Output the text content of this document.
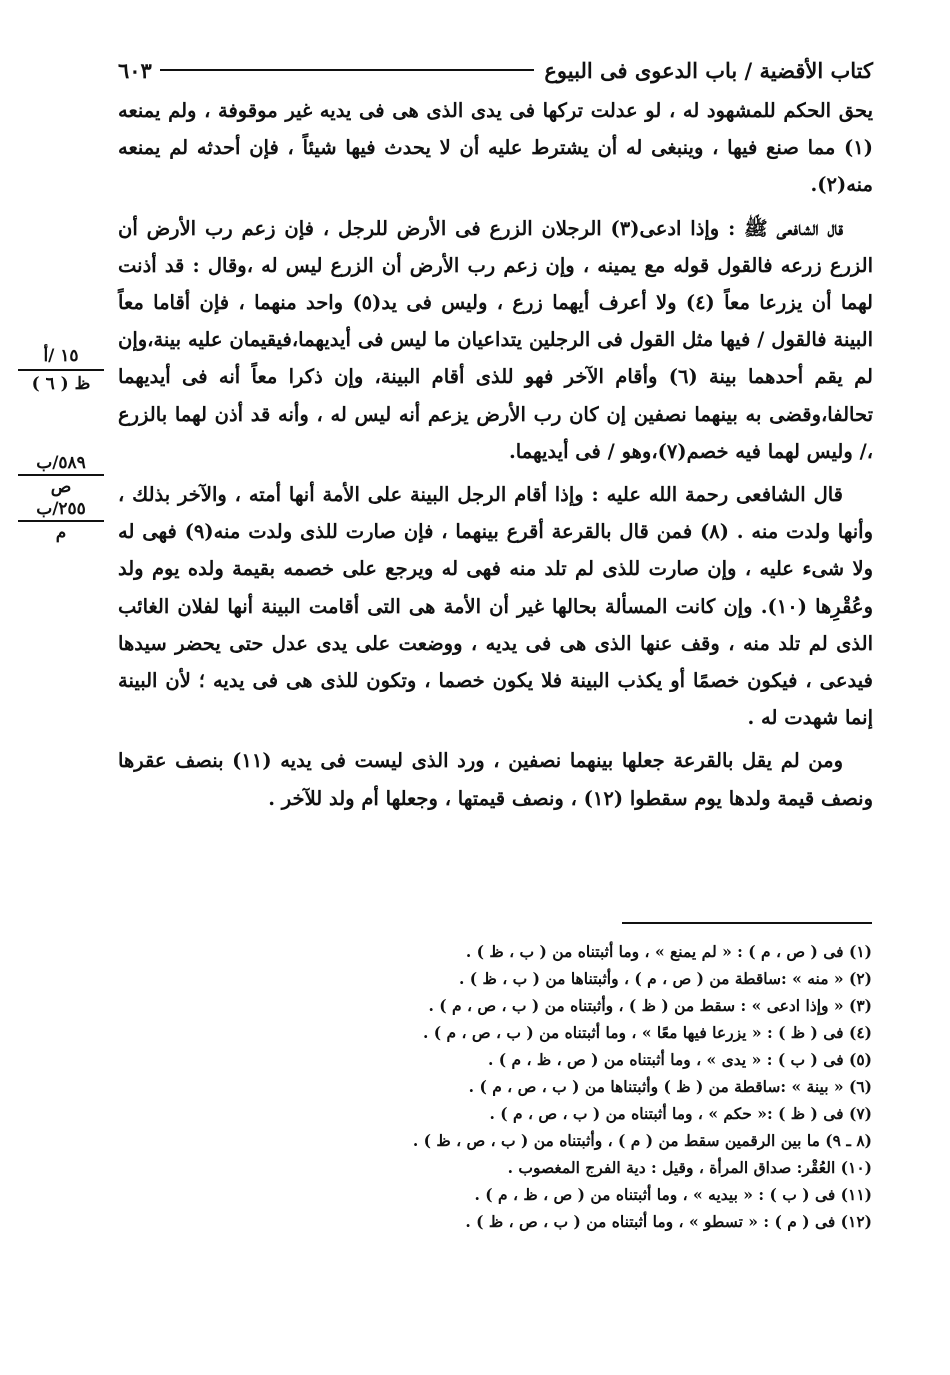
كتاب الأقضية / باب الدعوى فى البيوع
٦٠٣

يحق الحكم للمشهود له ، لو عدلت تركها فى يدى الذى هى فى يديه غير موقوفة ، ولم يمنعه (١) مما صنع فيها ، وينبغى له أن يشترط عليه أن لا يحدث فيها شيئاً ، فإن أحدثه لم يمنعه منه(٢).

قال الشافعى ﷺ : وإذا ادعى(٣) الرجلان الزرع فى الأرض للرجل ، فإن زعم رب الأرض أن الزرع زرعه فالقول قوله مع يمينه ، وإن زعم رب الأرض أن الزرع ليس له ،وقال : قد أذنت لهما أن يزرعا معاً (٤) ولا أعرف أيهما زرع ، وليس فى يد(٥) واحد منهما ، فإن أقاما معاً البينة فالقول / فيها مثل القول فى الرجلين يتداعيان ما ليس فى أيديهما،فيقيمان عليه بينة،وإن لم يقم أحدهما بينة (٦) وأقام الآخر فهو للذى أقام البينة، وإن ذكرا معاً أنه فى أيديهما تحالفا،وقضى به بينهما نصفين إن كان رب الأرض يزعم أنه ليس له ، وأنه قد أذن لهما بالزرع ،/ وليس لهما فيه خصم(٧)،وهو / فى أيديهما.

قال الشافعى رحمة الله عليه : وإذا أقام الرجل البينة على الأمة أنها أمته ، والآخر بذلك ، وأنها ولدت منه . (٨) فمن قال بالقرعة أقرع بينهما ، فإن صارت للذى ولدت منه(٩) فهى له ولا شىء عليه ، وإن صارت للذى لم تلد منه فهى له ويرجع على خصمه بقيمة ولده يوم ولد وعُقْرِها (١٠). وإن كانت المسألة بحالها غير أن الأمة هى التى أقامت البينة أنها لفلان الغائب الذى لم تلد منه ، وقف عنها الذى هى فى يديه ، ووضعت على يدى عدل حتى يحضر سيدها فيدعى ، فيكون خصمًا أو يكذب البينة فلا يكون خصما ، وتكون للذى هى فى يديه ؛ لأن البينة إنما شهدت له .

ومن لم يقل بالقرعة جعلها بينهما نصفين ، ورد الذى ليست فى يديه (١١) بنصف عقرها ونصف قيمة ولدها يوم سقطوا (١٢) ، ونصف قيمتها ، وجعلها أم ولد للآخر .

١٥ /أ
ظ ( ٦ )
٥٨٩/ب
ص
٢٥٥/ب
م

(١) فى ( ص ، م ) : « لم يمنع » ، وما أثبتناه من ( ب ، ظ ) .

(٢) « منه » :ساقطة من ( ص ، م ) ، وأثبتناها من ( ب ، ظ ) .

(٣) « وإذا ادعى » : سقط من ( ظ ) ، وأثبتناه من ( ب ، ص ، م ) .

(٤) فى ( ظ ) : « يزرعا فيها معًا » ، وما أثبتناه من ( ب ، ص ، م ) .

(٥) فى ( ب ) : « يدى » ، وما أثبتناه من ( ص ، ظ ، م ) .

(٦) « بينة » :ساقطة من ( ظ ) وأثبتناها من ( ب ، ص ، م ) .

(٧) فى ( ظ ) :« حكم » ، وما أثبتناه من ( ب ، ص ، م ) .

(٨ ـ ٩) ما بين الرقمين سقط من ( م ) ، وأثبتناه من ( ب ، ص ، ظ ) .

(١٠) العُقْر: صداق المرأة ، وقيل : دية الفرج المغصوب .

(١١) فى ( ب ) : « بيديه » ، وما أثبتناه من ( ص ، ظ ، م ) .

(١٢) فى ( م ) : « تسطو » ، وما أثبتناه من ( ب ، ص ، ظ ) .
